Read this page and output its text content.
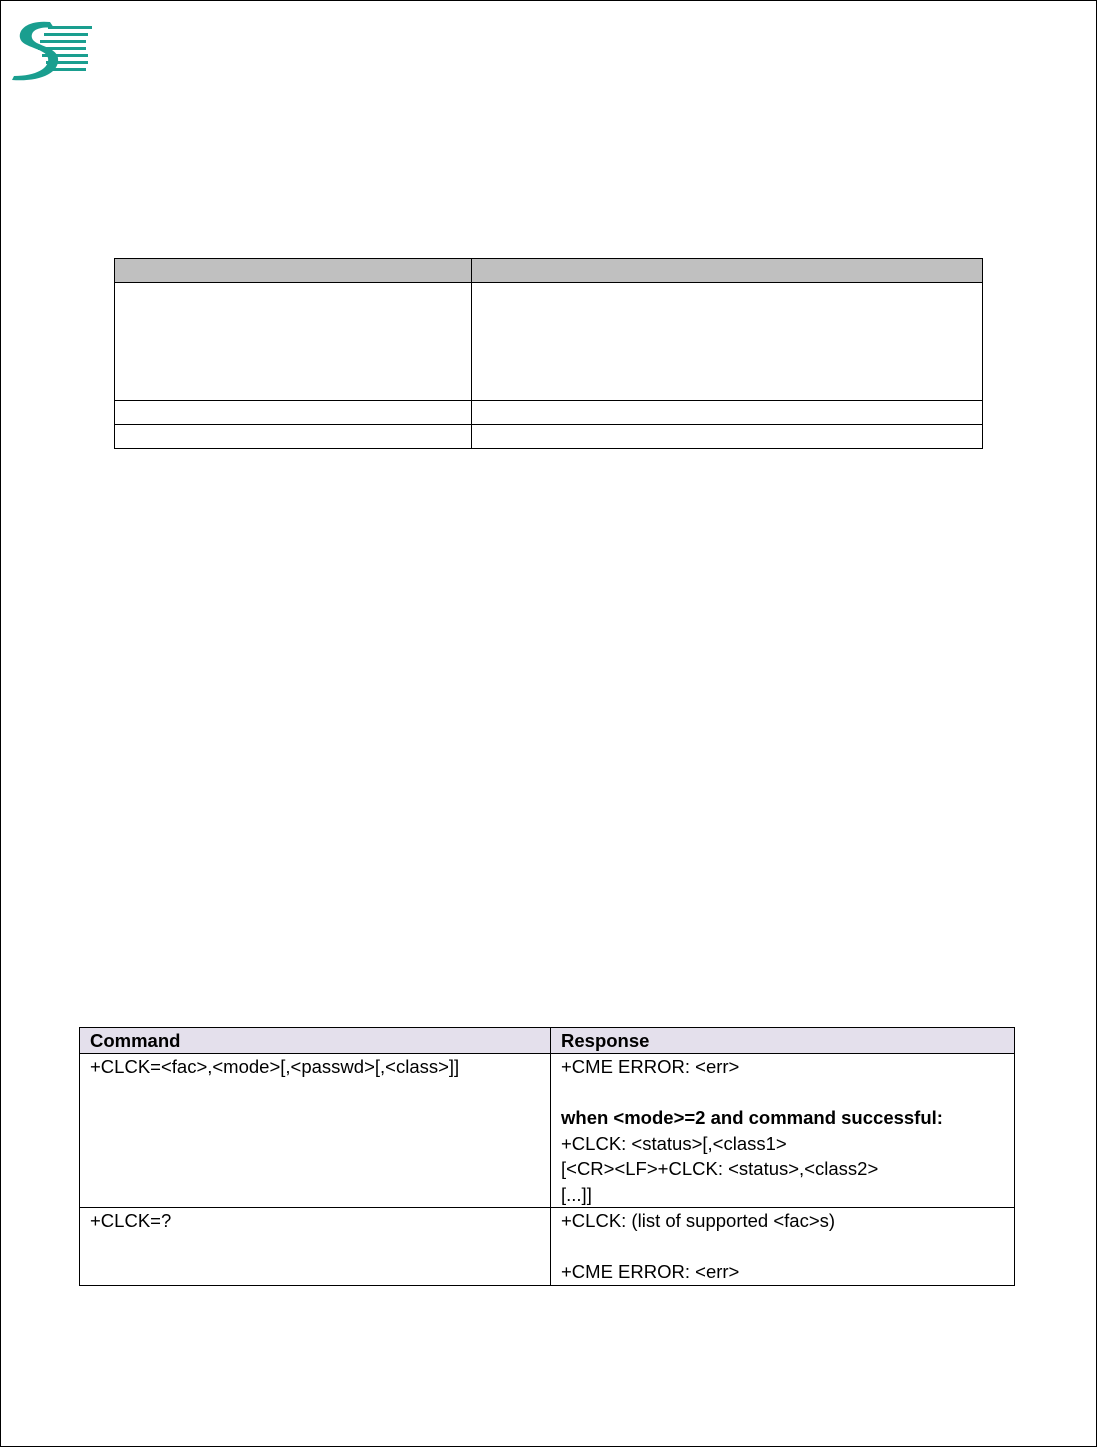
Command	Response

+CLCK=<fac>,<mode>[,<passwd>[,<class>]]	+CME ERROR: <err>
when <mode>=2 and command successful:
+CLCK: <status>[,<class1>
[<CR><LF>+CLCK: <status>,<class2>
[...]]

+CLCK=?	+CLCK: (list of supported <fac>s)
+CME ERROR: <err>
